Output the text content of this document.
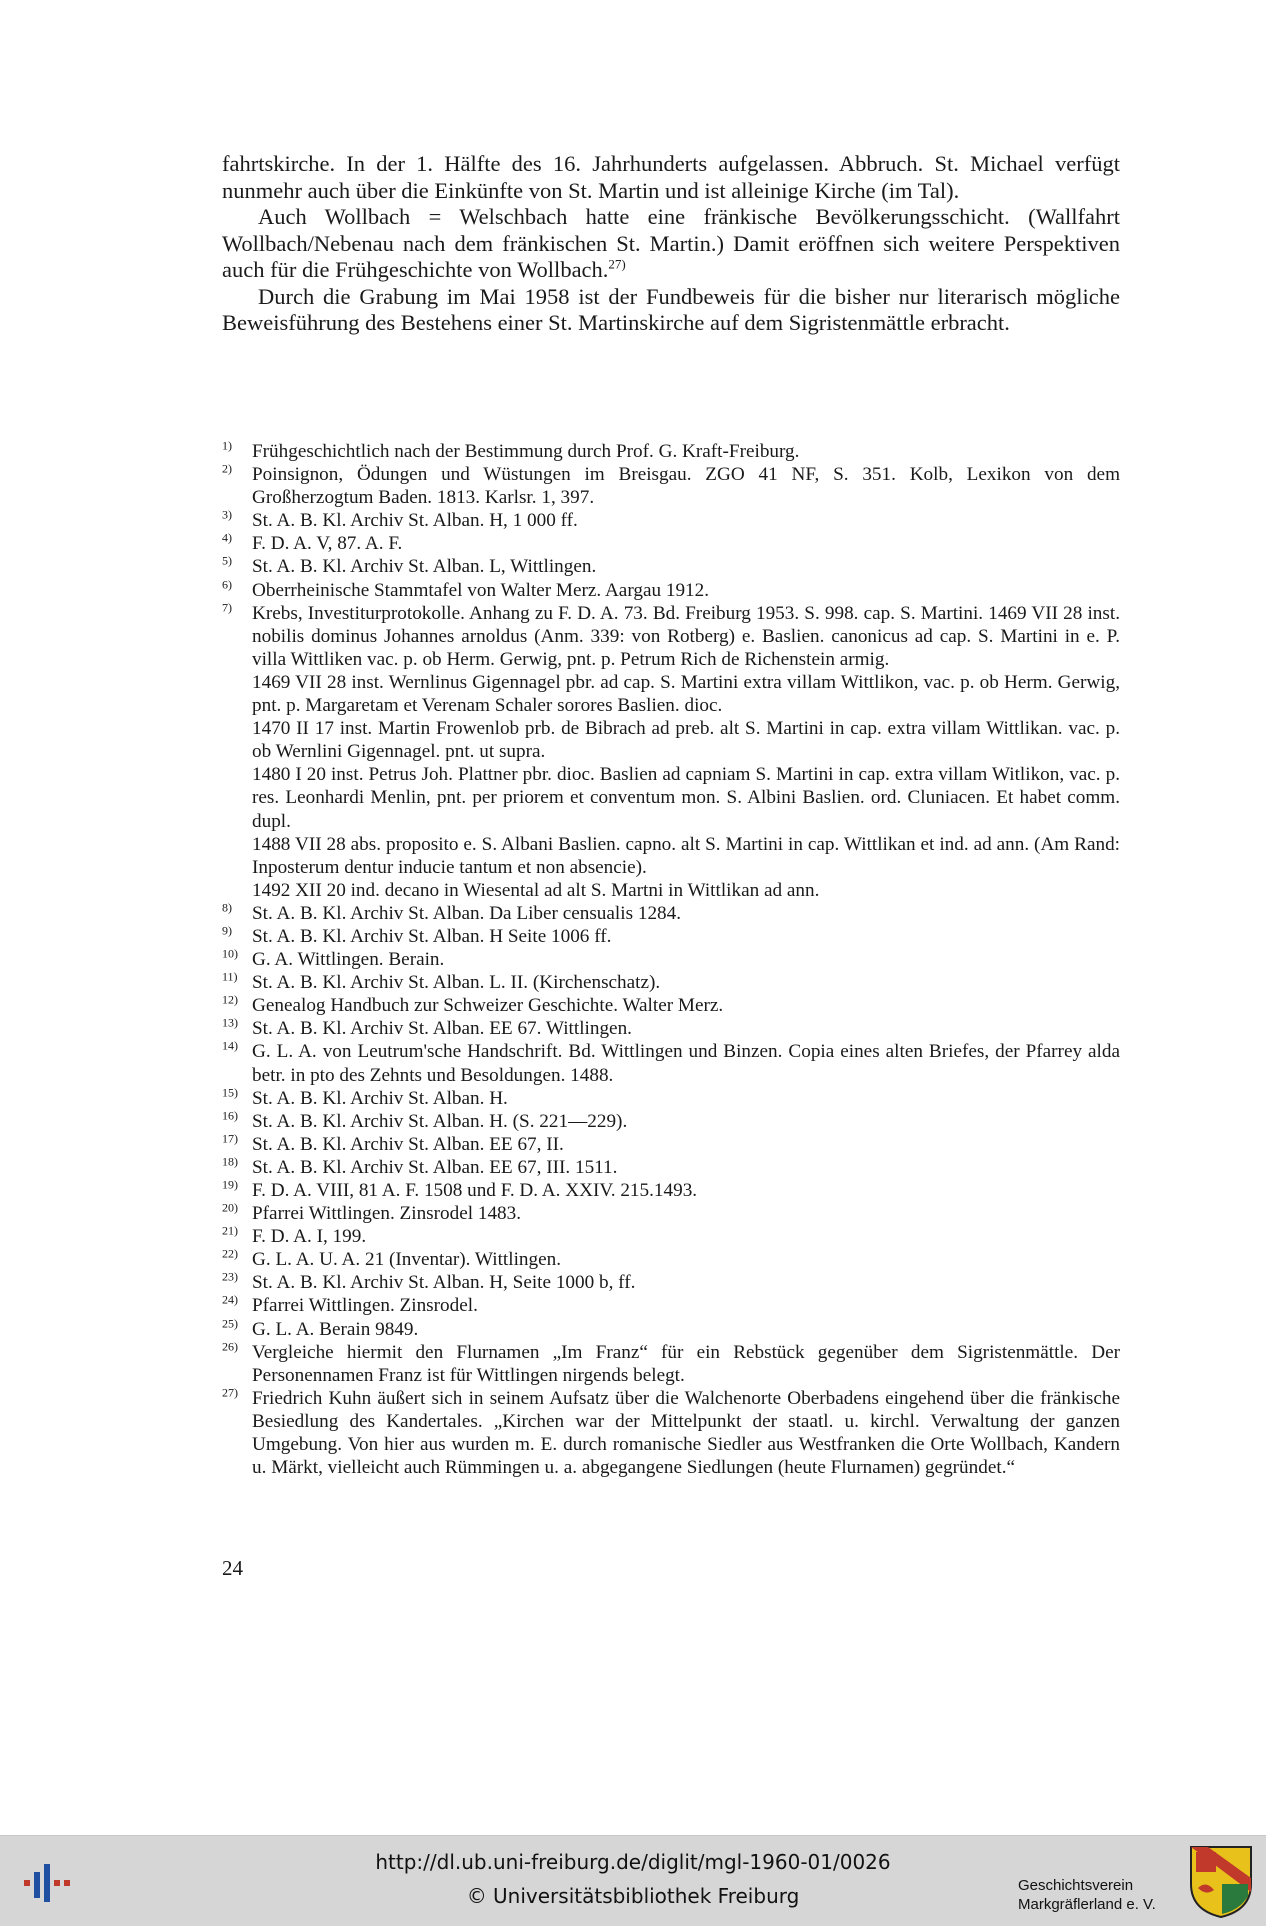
fahrtskirche. In der 1. Hälfte des 16. Jahrhunderts aufgelassen. Abbruch. St. Michael verfügt nunmehr auch über die Einkünfte von St. Martin und ist alleinige Kirche (im Tal).

Auch Wollbach = Welschbach hatte eine fränkische Bevölkerungsschicht. (Wallfahrt Wollbach/Nebenau nach dem fränkischen St. Martin.) Damit eröffnen sich weitere Perspektiven auch für die Frühgeschichte von Wollbach.$^{27)}$

Durch die Grabung im Mai 1958 ist der Fundbeweis für die bisher nur literarisch mögliche Beweisführung des Bestehens einer St. Martinskirche auf dem Sigristenmättle erbracht.

$^{1)}$	Frühgeschichtlich nach der Bestimmung durch Prof. G. Kraft-Freiburg.
$^{2)}$	Poinsignon, Ödungen und Wüstungen im Breisgau. ZGO 41 NF, S. 351. Kolb, Lexikon von dem Großherzogtum Baden. 1813. Karlsr. 1, 397.
$^{3)}$	St. A. B. Kl. Archiv St. Alban. H, 1 000 ff.
$^{4)}$	F. D. A. V, 87. A. F.
$^{5)}$	St. A. B. Kl. Archiv St. Alban. L, Wittlingen.
$^{6)}$	Oberrheinische Stammtafel von Walter Merz. Aargau 1912.
$^{7)}$	Krebs, Investiturprotokolle. Anhang zu F. D. A. 73. Bd. Freiburg 1953. S. 998. cap. S. Martini. 1469 VII 28 inst. nobilis dominus Johannes arnoldus (Anm. 339: von Rotberg) e. Baslien. canonicus ad cap. S. Martini in e. P. villa Wittliken vac. p. ob Herm. Gerwig, pnt. p. Petrum Rich de Richenstein armig.
1469 VII 28 inst. Wernlinus Gigennagel pbr. ad cap. S. Martini extra villam Wittlikon, vac. p. ob Herm. Gerwig, pnt. p. Margaretam et Verenam Schaler sorores Baslien. dioc.
1470 II 17 inst. Martin Frowenlob prb. de Bibrach ad preb. alt S. Martini in cap. extra villam Wittlikan. vac. p. ob Wernlini Gigennagel. pnt. ut supra.
1480 I 20 inst. Petrus Joh. Plattner pbr. dioc. Baslien ad capniam S. Martini in cap. extra villam Witlikon, vac. p. res. Leonhardi Menlin, pnt. per priorem et conventum mon. S. Albini Baslien. ord. Cluniacen. Et habet comm. dupl.
1488 VII 28 abs. proposito e. S. Albani Baslien. capno. alt S. Martini in cap. Wittlikan et ind. ad ann. (Am Rand: Inposterum dentur inducie tantum et non absencie).
1492 XII 20 ind. decano in Wiesental ad alt S. Martni in Wittlikan ad ann.
$^{8)}$	St. A. B. Kl. Archiv St. Alban. Da Liber censualis 1284.
$^{9)}$	St. A. B. Kl. Archiv St. Alban. H Seite 1006 ff.
$^{10)}$ G. A. Wittlingen. Berain.
$^{11)}$ St. A. B. Kl. Archiv St. Alban. L. II. (Kirchenschatz).
$^{12)}$ Genealog Handbuch zur Schweizer Geschichte. Walter Merz.
$^{13)}$ St. A. B. Kl. Archiv St. Alban. EE 67. Wittlingen.
$^{14)}$ G. L. A. von Leutrum'sche Handschrift. Bd. Wittlingen und Binzen. Copia eines alten Briefes, der Pfarrey alda betr. in pto des Zehnts und Besoldungen. 1488.
$^{15)}$ St. A. B. Kl. Archiv St. Alban. H.
$^{16)}$ St. A. B. Kl. Archiv St. Alban. H. (S. 221—229).
$^{17)}$ St. A. B. Kl. Archiv St. Alban. EE 67, II.
$^{18)}$ St. A. B. Kl. Archiv St. Alban. EE 67, III. 1511.
$^{19)}$ F. D. A. VIII, 81 A. F. 1508 und F. D. A. XXIV. 215.1493.
$^{20)}$ Pfarrei Wittlingen. Zinsrodel 1483.
$^{21)}$ F. D. A. I, 199.
$^{22)}$ G. L. A. U. A. 21 (Inventar). Wittlingen.
$^{23)}$ St. A. B. Kl. Archiv St. Alban. H, Seite 1000 b, ff.
$^{24)}$ Pfarrei Wittlingen. Zinsrodel.
$^{25)}$ G. L. A. Berain 9849.
$^{26)}$ Vergleiche hiermit den Flurnamen „Im Franz“ für ein Rebstück gegenüber dem Sigristenmättle. Der Personennamen Franz ist für Wittlingen nirgends belegt.
$^{27)}$ Friedrich Kuhn äußert sich in seinem Aufsatz über die Walchenorte Oberbadens eingehend über die fränkische Besiedlung des Kandertales. „Kirchen war der Mittelpunkt der staatl. u. kirchl. Verwaltung der ganzen Umgebung. Von hier aus wurden m. E. durch romanische Siedler aus Westfranken die Orte Wollbach, Kandern u. Märkt, vielleicht auch Rümmingen u. a. abgegangene Siedlungen (heute Flurnamen) gegründet.“
24
http://dl.ub.uni-freiburg.de/diglit/mgl-1960-01/0026
© Universitätsbibliothek Freiburg	Geschichtsverein
Markgräflerland e. V.
